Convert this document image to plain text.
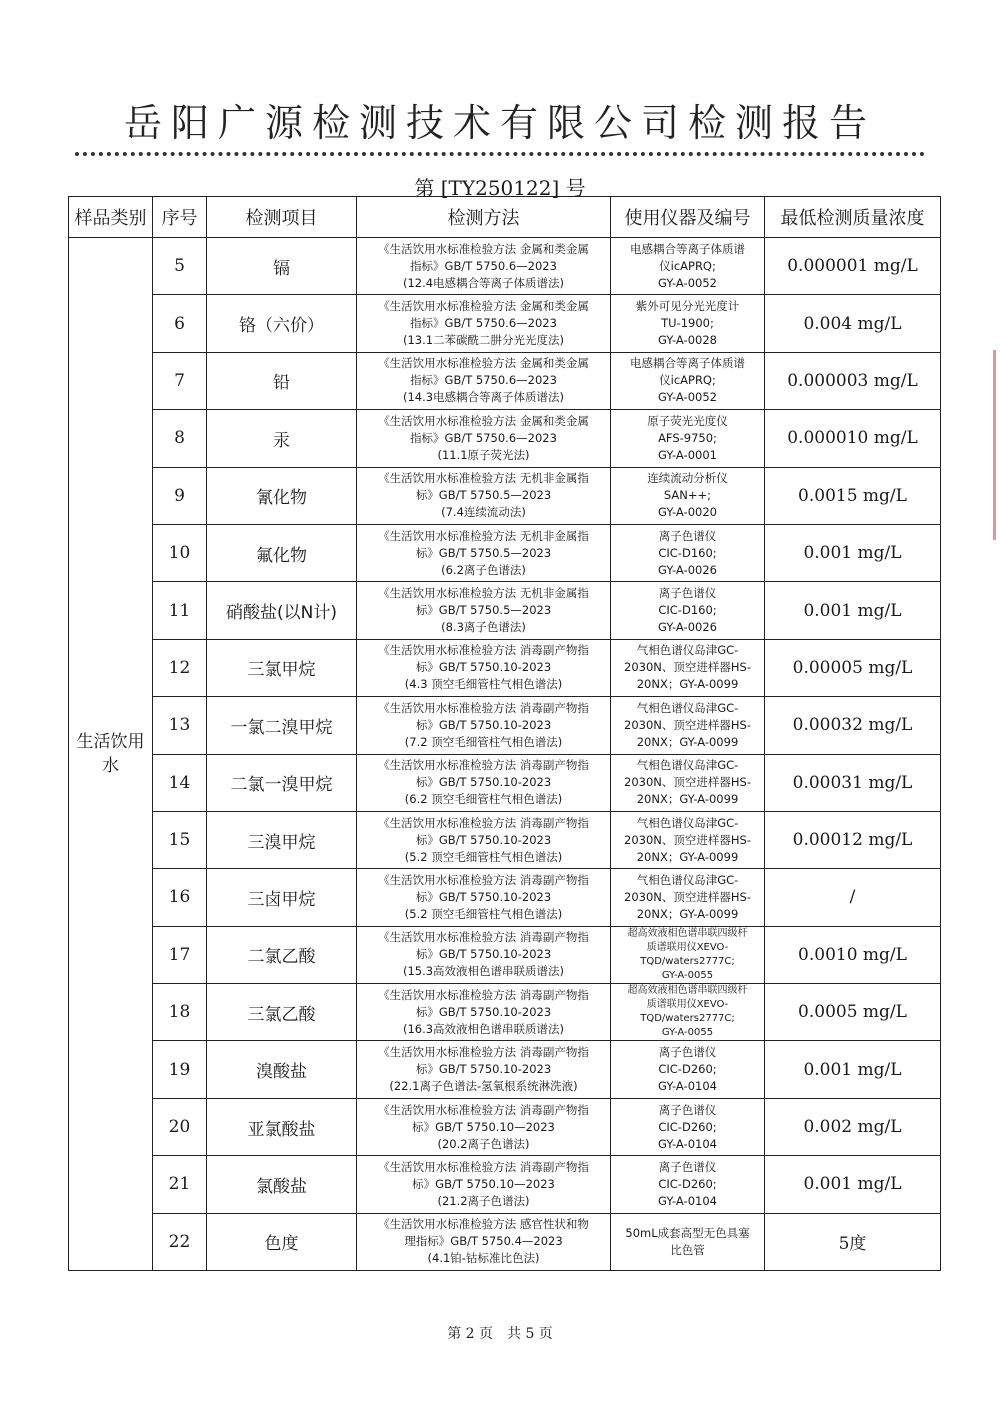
岳阳广源检测技术有限公司检测报告
第 [TY250122] 号
样品类别	序号	检测项目	检测方法	使用仪器及编号	最低检测质量浓度

生活饮用
水	5	镉	《生活饮用水标准检验方法 金属和类金属
指标》GB/T 5750.6—2023
(12.4电感耦合等离子体质谱法)	电感耦合等离子体质谱
仪icAPRQ;
GY-A-0052	0.000001 mg/L
	6	铬（六价）	《生活饮用水标准检验方法 金属和类金属
指标》GB/T 5750.6—2023
(13.1二苯碳酰二肼分光光度法)	紫外可见分光光度计
TU-1900;
GY-A-0028	0.004 mg/L
	7	铅	《生活饮用水标准检验方法 金属和类金属
指标》GB/T 5750.6—2023
(14.3电感耦合等离子体质谱法)	电感耦合等离子体质谱
仪icAPRQ;
GY-A-0052	0.000003 mg/L
	8	汞	《生活饮用水标准检验方法 金属和类金属
指标》GB/T 5750.6—2023
(11.1原子荧光法)	原子荧光光度仪
AFS-9750;
GY-A-0001	0.000010 mg/L
	9	氰化物	《生活饮用水标准检验方法 无机非金属指
标》GB/T 5750.5—2023
(7.4连续流动法)	连续流动分析仪
SAN++;
GY-A-0020	0.0015 mg/L
	10	氟化物	《生活饮用水标准检验方法 无机非金属指
标》GB/T 5750.5—2023
(6.2离子色谱法)	离子色谱仪
CIC-D160;
GY-A-0026	0.001 mg/L
	11	硝酸盐(以N计)	《生活饮用水标准检验方法 无机非金属指
标》GB/T 5750.5—2023
(8.3离子色谱法)	离子色谱仪
CIC-D160;
GY-A-0026	0.001 mg/L
	12	三氯甲烷	《生活饮用水标准检验方法 消毒副产物指
标》GB/T 5750.10-2023
(4.3 顶空毛细管柱气相色谱法)	气相色谱仪岛津GC-
2030N、顶空进样器HS-
20NX；GY-A-0099	0.00005 mg/L
	13	一氯二溴甲烷	《生活饮用水标准检验方法 消毒副产物指
标》GB/T 5750.10-2023
(7.2 顶空毛细管柱气相色谱法)	气相色谱仪岛津GC-
2030N、顶空进样器HS-
20NX；GY-A-0099	0.00032 mg/L
	14	二氯一溴甲烷	《生活饮用水标准检验方法 消毒副产物指
标》GB/T 5750.10-2023
(6.2 顶空毛细管柱气相色谱法)	气相色谱仪岛津GC-
2030N、顶空进样器HS-
20NX；GY-A-0099	0.00031 mg/L
	15	三溴甲烷	《生活饮用水标准检验方法 消毒副产物指
标》GB/T 5750.10-2023
(5.2 顶空毛细管柱气相色谱法)	气相色谱仪岛津GC-
2030N、顶空进样器HS-
20NX；GY-A-0099	0.00012 mg/L
	16	三卤甲烷	《生活饮用水标准检验方法 消毒副产物指
标》GB/T 5750.10-2023
(5.2 顶空毛细管柱气相色谱法)	气相色谱仪岛津GC-
2030N、顶空进样器HS-
20NX；GY-A-0099	/
	17	二氯乙酸	《生活饮用水标准检验方法 消毒副产物指
标》GB/T 5750.10-2023
(15.3高效液相色谱串联质谱法)	超高效液相色谱串联四级杆
质谱联用仪XEVO-
TQD/waters2777C;
GY-A-0055	0.0010 mg/L
	18	三氯乙酸	《生活饮用水标准检验方法 消毒副产物指
标》GB/T 5750.10-2023
(16.3高效液相色谱串联质谱法)	超高效液相色谱串联四级杆
质谱联用仪XEVO-
TQD/waters2777C;
GY-A-0055	0.0005 mg/L
	19	溴酸盐	《生活饮用水标准检验方法 消毒副产物指
标》GB/T 5750.10-2023
(22.1离子色谱法-氢氧根系统淋洗液)	离子色谱仪
CIC-D260;
GY-A-0104	0.001 mg/L
	20	亚氯酸盐	《生活饮用水标准检验方法 消毒副产物指
标》GB/T 5750.10—2023
(20.2离子色谱法)	离子色谱仪
CIC-D260;
GY-A-0104	0.002 mg/L
	21	氯酸盐	《生活饮用水标准检验方法 消毒副产物指
标》GB/T 5750.10—2023
(21.2离子色谱法)	离子色谱仪
CIC-D260;
GY-A-0104	0.001 mg/L
	22	色度	《生活饮用水标准检验方法 感官性状和物
理指标》GB/T 5750.4—2023
(4.1铂-钴标准比色法)	50mL成套高型无色具塞
比色管	5度
第 2 页　共 5 页
